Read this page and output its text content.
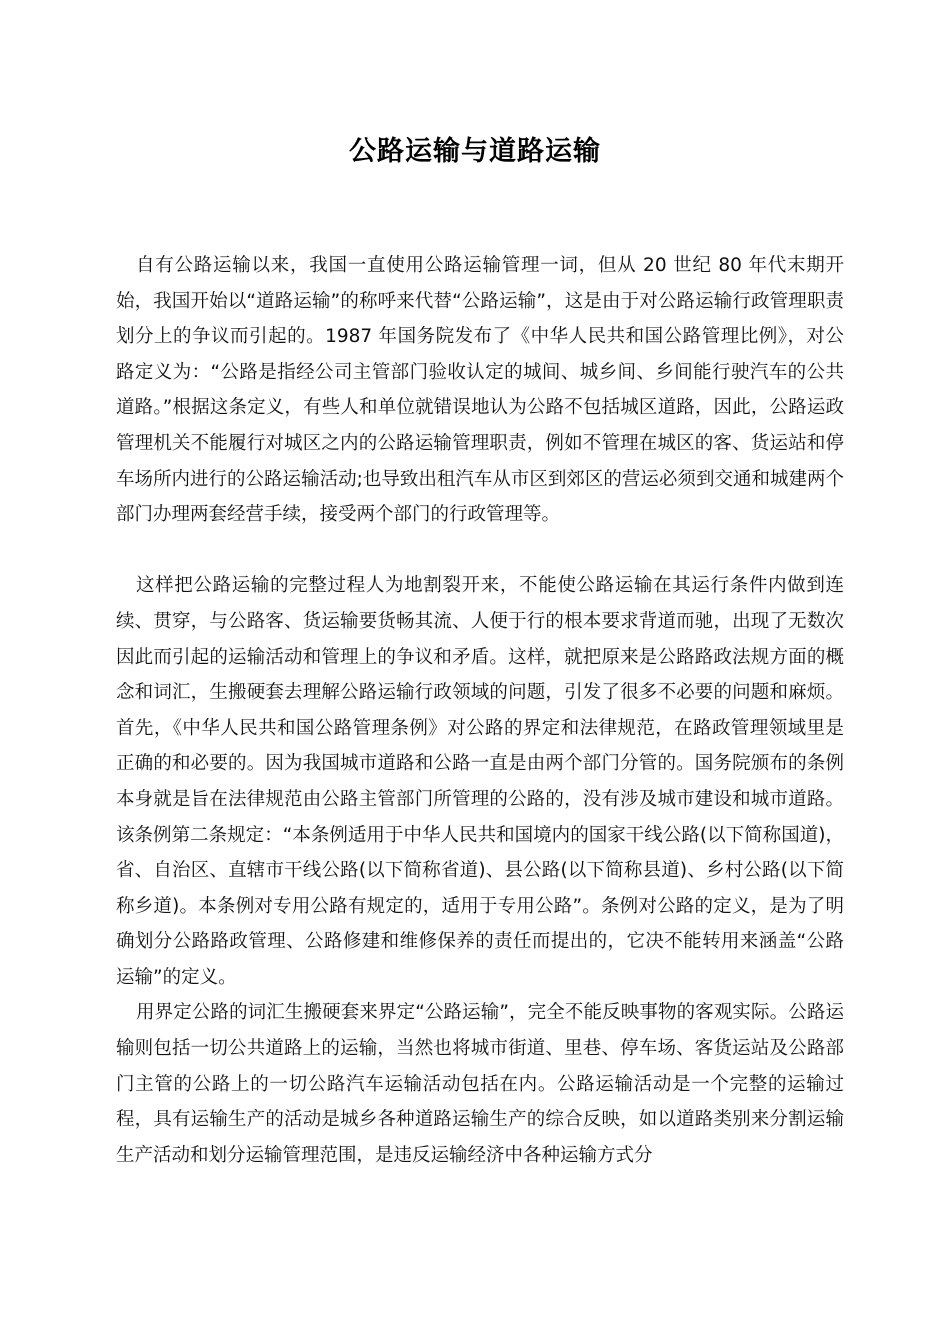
公路运输与道路运输

自有公路运输以来，我国一直使用公路运输管理一词，但从 20 世纪 80 年代末期开始，我国开始以“道路运输”的称呼来代替“公路运输”，这是由于对公路运输行政管理职责划分上的争议而引起的。1987 年国务院发布了《中华人民共和国公路管理比例》，对公路定义为：“公路是指经公司主管部门验收认定的城间、城乡间、乡间能行驶汽车的公共道路。”根据这条定义，有些人和单位就错误地认为公路不包括城区道路，因此，公路运政管理机关不能履行对城区之内的公路运输管理职责，例如不管理在城区的客、货运站和停车场所内进行的公路运输活动;也导致出租汽车从市区到郊区的营运必须到交通和城建两个部门办理两套经营手续，接受两个部门的行政管理等。

这样把公路运输的完整过程人为地割裂开来，不能使公路运输在其运行条件内做到连续、贯穿，与公路客、货运输要货畅其流、人便于行的根本要求背道而驰，出现了无数次因此而引起的运输活动和管理上的争议和矛盾。这样，就把原来是公路路政法规方面的概念和词汇，生搬硬套去理解公路运输行政领域的问题，引发了很多不必要的问题和麻烦。首先，《中华人民共和国公路管理条例》对公路的界定和法律规范，在路政管理领域里是正确的和必要的。因为我国城市道路和公路一直是由两个部门分管的。国务院颁布的条例本身就是旨在法律规范由公路主管部门所管理的公路的，没有涉及城市建设和城市道路。该条例第二条规定：“本条例适用于中华人民共和国境内的国家干线公路(以下简称国道)，省、自治区、直辖市干线公路(以下简称省道)、县公路(以下简称县道)、乡村公路(以下简称乡道)。本条例对专用公路有规定的，适用于专用公路”。条例对公路的定义，是为了明确划分公路路政管理、公路修建和维修保养的责任而提出的，它决不能转用来涵盖“公路运输”的定义。

用界定公路的词汇生搬硬套来界定“公路运输”，完全不能反映事物的客观实际。公路运输则包括一切公共道路上的运输，当然也将城市街道、里巷、停车场、客货运站及公路部门主管的公路上的一切公路汽车运输活动包括在内。公路运输活动是一个完整的运输过程，具有运输生产的活动是城乡各种道路运输生产的综合反映，如以道路类别来分割运输生产活动和划分运输管理范围，是违反运输经济中各种运输方式分
